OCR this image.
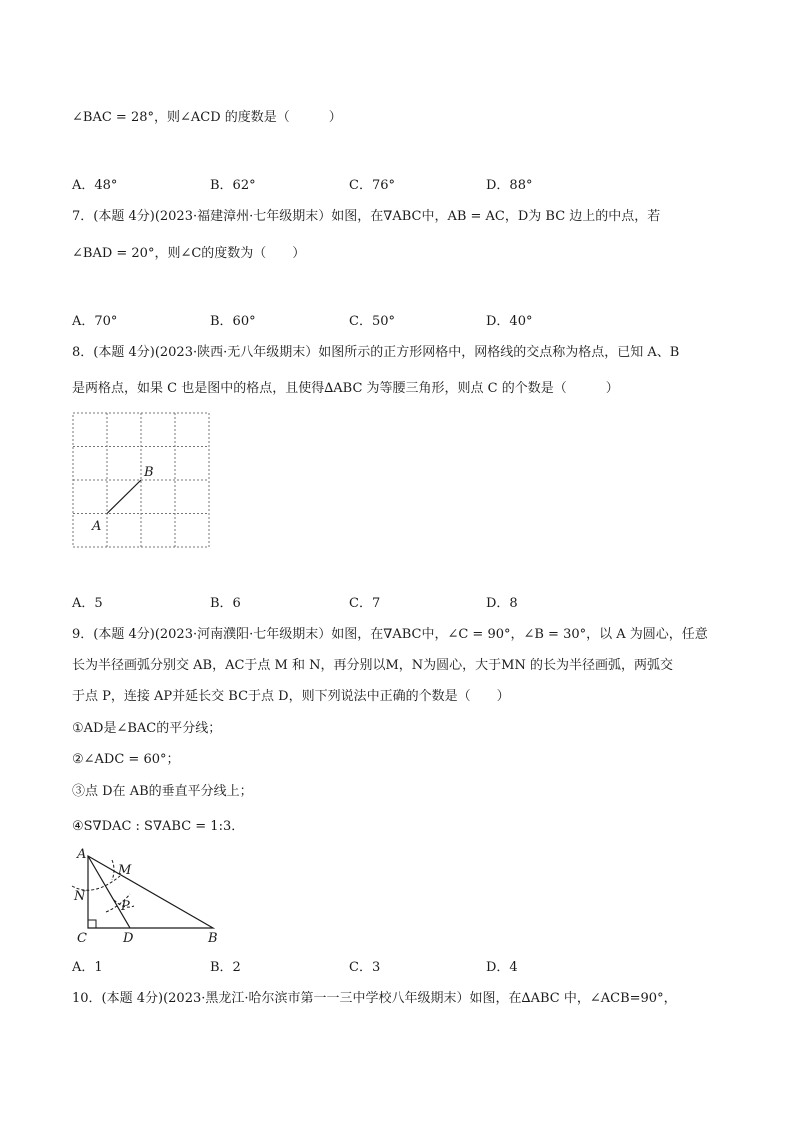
∠BAC = 28°，则∠ACD 的度数是（　　　）
A．48°	B．62°	C．76°	D．88°
7．(本题 4分)(2023·福建漳州·七年级期末）如图，在∇ABC中，AB = AC，D为 BC 边上的中点，若
∠BAD = 20°，则∠C的度数为（　　）
A．70°	B．60°	C．50°	D．40°
8．(本题 4分)(2023·陕西·无八年级期末）如图所示的正方形网格中，网格线的交点称为格点，已知 A、B
是两格点，如果 C 也是图中的格点，且使得∆ABC 为等腰三角形，则点 C 的个数是（　　　）
A
B
A．5	B．6	C．7	D．8
9．(本题 4分)(2023·河南濮阳·七年级期末）如图，在∇ABC中，∠C = 90°，∠B = 30°，以 A 为圆心，任意
长为半径画弧分别交 AB，AC于点 M 和 N，再分别以M，N为圆心，大于MN 的长为半径画弧，两弧交
于点 P，连接 AP并延长交 BC于点 D，则下列说法中正确的个数是（　　）
①AD是∠BAC的平分线；
②∠ADC = 60°；
③点 D在 AB的垂直平分线上；
④S∇DAC : S∇ABC = 1:3．
A
M
N
P
C	D	B
A．1	B．2	C．3	D．4
10．(本题 4分)(2023·黑龙江·哈尔滨市第一一三中学校八年级期末）如图，在∆ABC 中，∠ACB=90°，
